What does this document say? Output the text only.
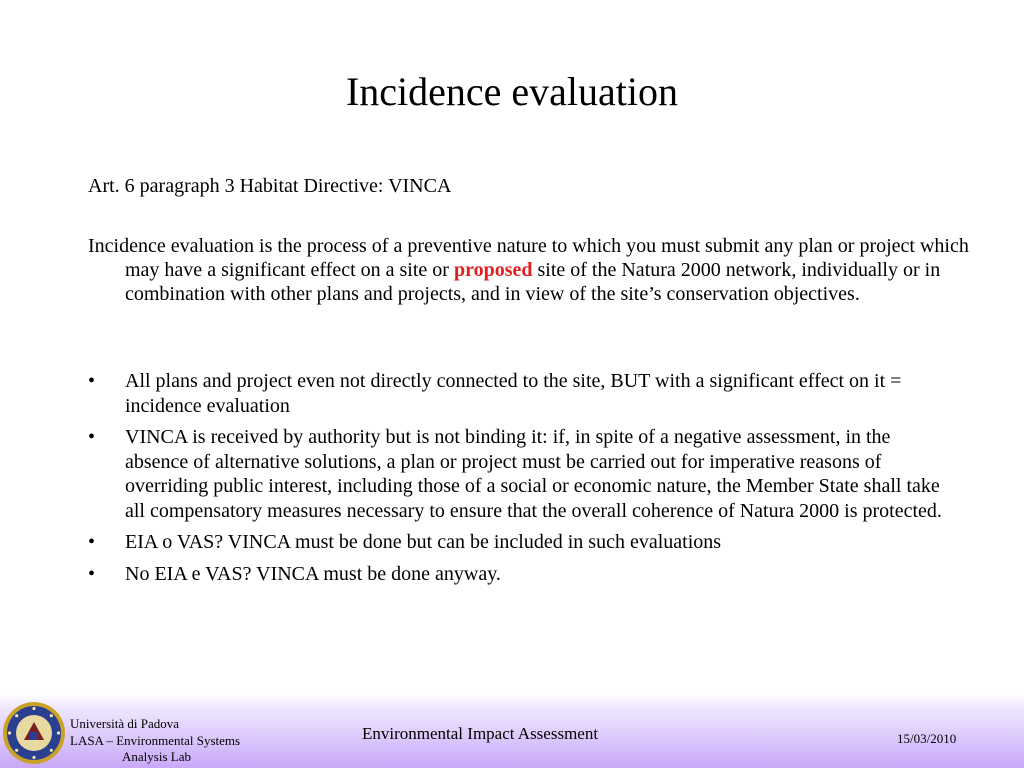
Incidence evaluation
Art. 6 paragraph 3 Habitat Directive: VINCA
Incidence evaluation is the process of a preventive nature to which you must submit any plan or project which may have a significant effect on a site or proposed site of the Natura 2000 network, individually or in combination with other plans and projects, and in view of the site’s conservation objectives.
• All plans and project even not directly connected to the site, BUT with a significant effect on it = incidence evaluation
• VINCA is received by authority but is not binding it: if, in spite of a negative assessment, in the absence of alternative solutions, a plan or project must be carried out for imperative reasons of overriding public interest, including those of a social or economic nature, the Member State shall take all compensatory measures necessary to ensure that the overall coherence of Natura 2000 is protected.
• EIA o VAS? VINCA must be done but can be included in such evaluations
• No EIA e VAS? VINCA must be done anyway.
Università di Padova
LASA – Environmental Systems

Analysis Lab
Environmental Impact Assessment	15/03/2010
